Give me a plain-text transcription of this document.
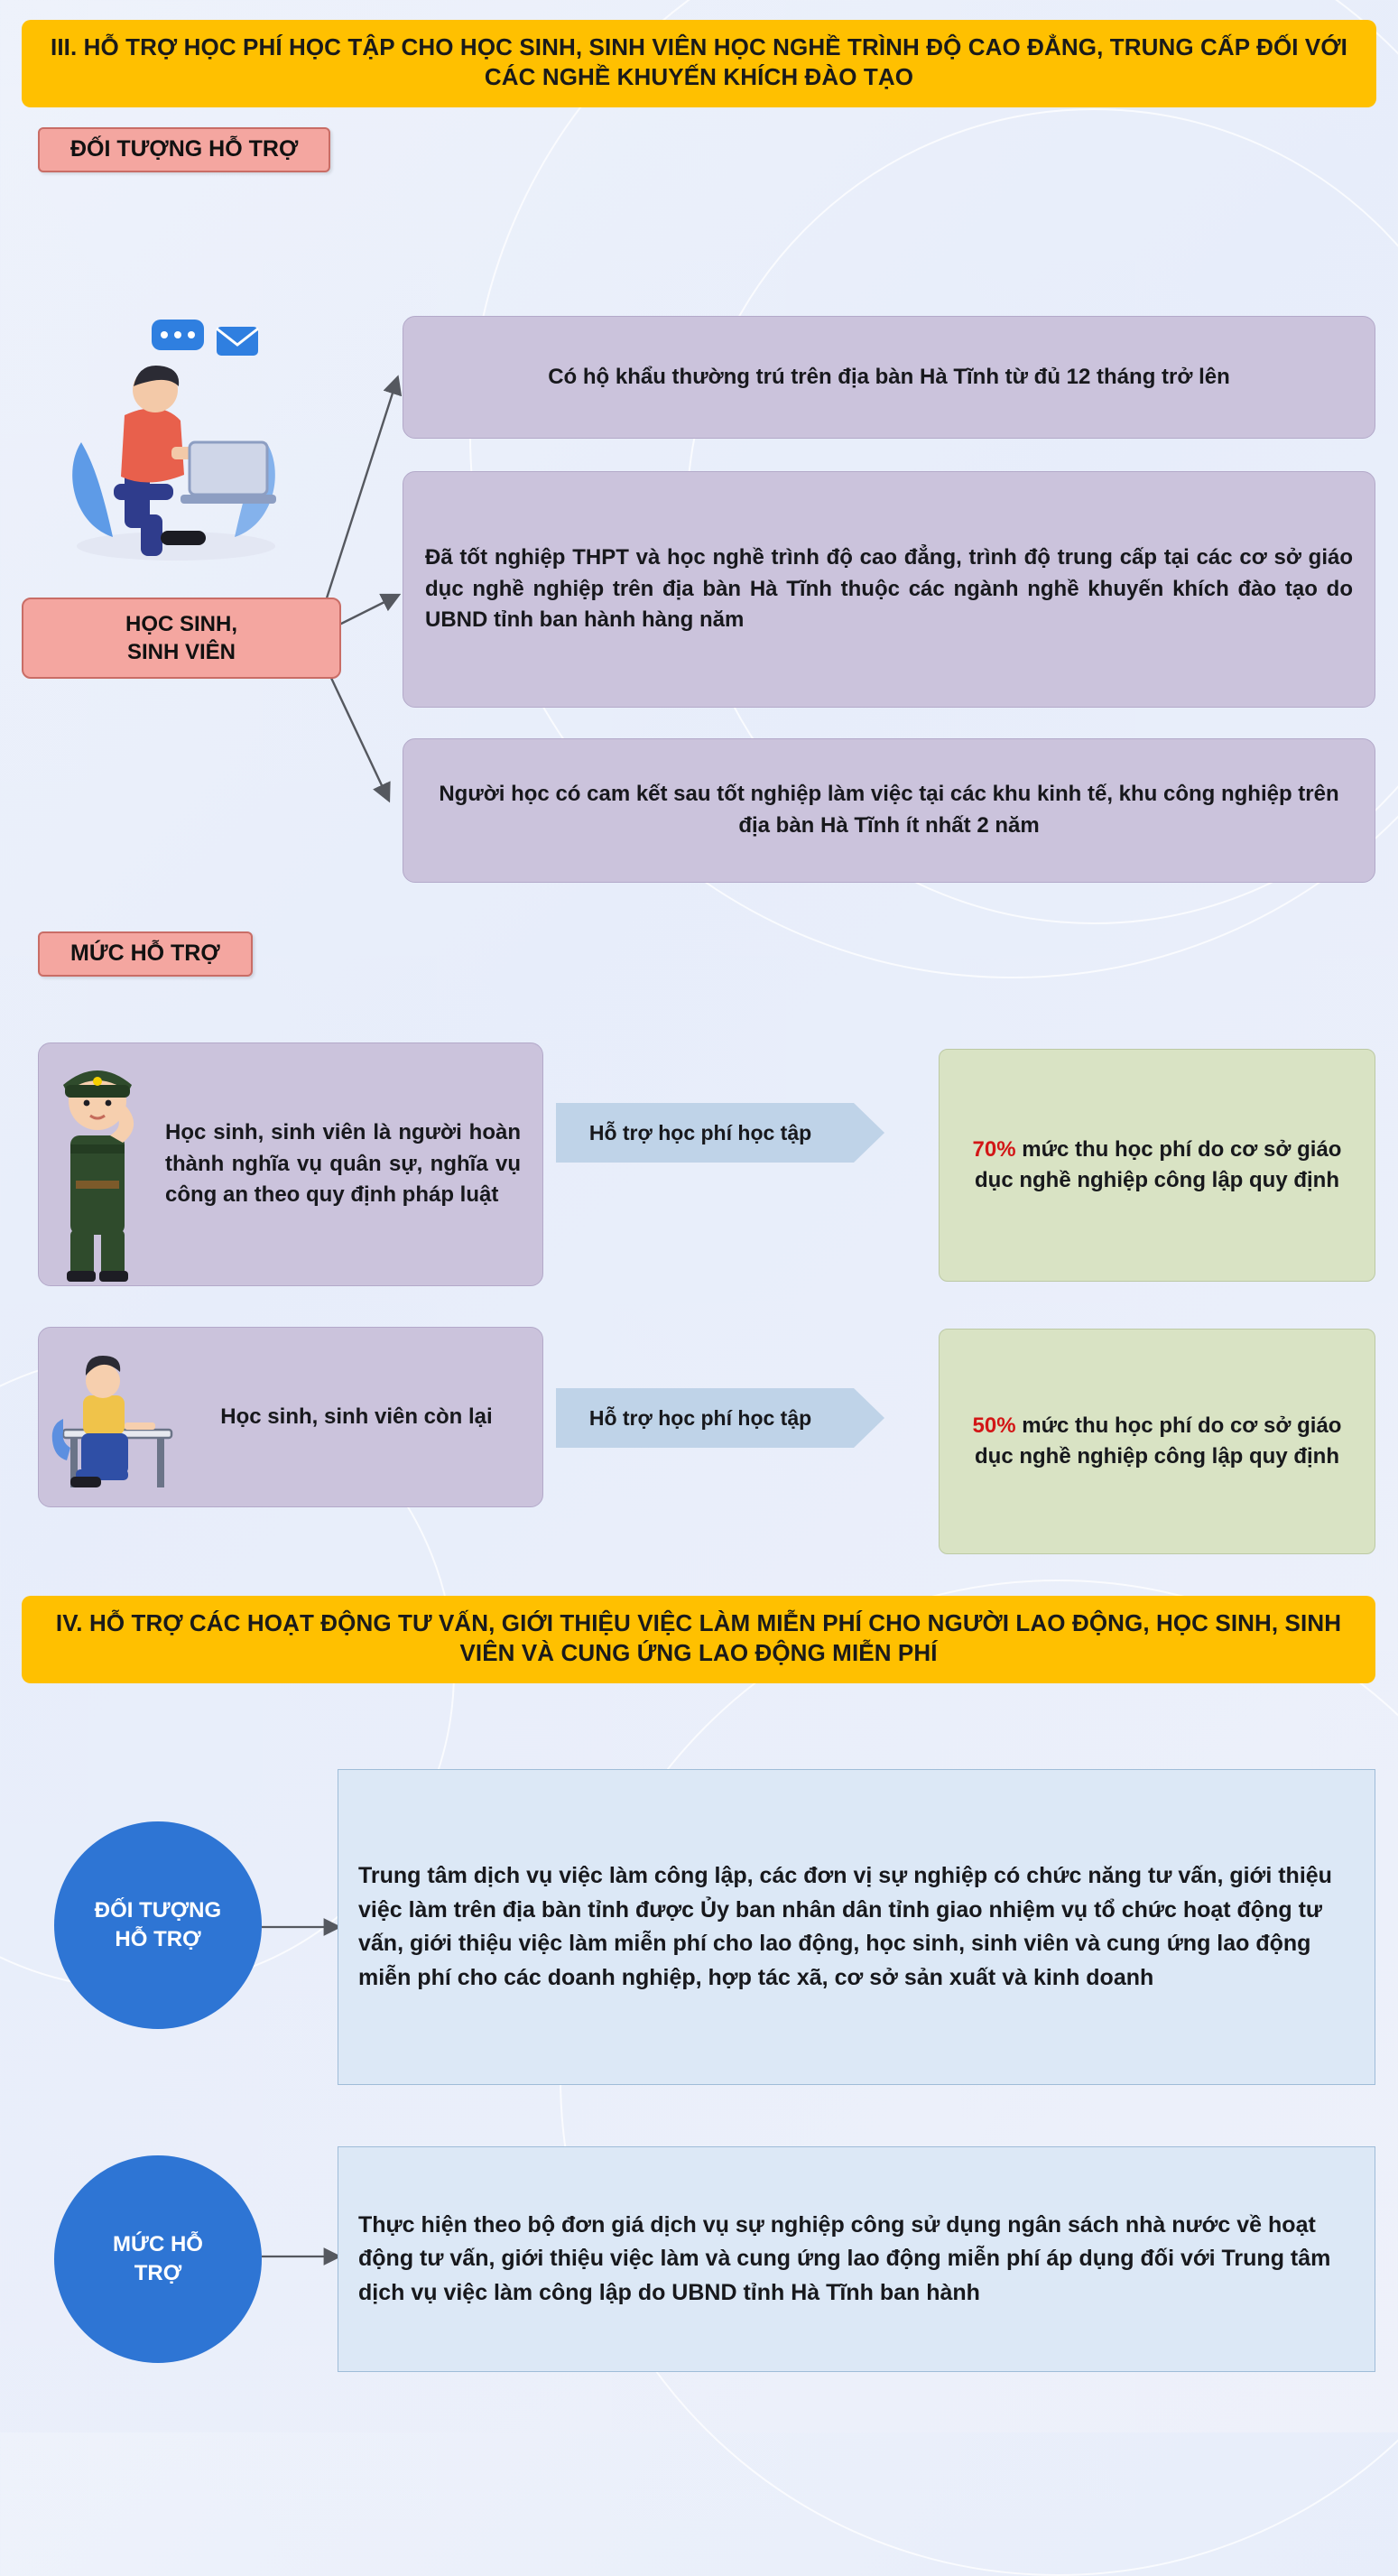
III. HỖ TRỢ HỌC PHÍ HỌC TẬP CHO HỌC SINH, SINH VIÊN HỌC NGHỀ TRÌNH ĐỘ CAO ĐẲNG, TRUNG CẤP ĐỐI VỚI CÁC NGHỀ KHUYẾN KHÍCH ĐÀO TẠO
ĐỐI TƯỢNG HỖ TRỢ
HỌC SINH,
SINH VIÊN
Có hộ khẩu thường trú trên địa bàn Hà Tĩnh từ đủ 12 tháng trở lên
Đã tốt nghiệp THPT và học nghề trình độ cao đẳng, trình độ trung cấp tại các cơ sở giáo dục nghề nghiệp trên địa bàn Hà Tĩnh thuộc các ngành nghề khuyến khích đào tạo do UBND tỉnh ban hành hàng năm
Người học có cam kết sau tốt nghiệp làm việc tại các khu kinh tế, khu công nghiệp trên địa bàn Hà Tĩnh ít nhất 2 năm
MỨC HỖ TRỢ
Học sinh, sinh viên là người hoàn thành nghĩa vụ quân sự, nghĩa vụ công an theo quy định pháp luật
Hỗ trợ học phí học tập
70% mức thu học phí do cơ sở giáo dục nghề nghiệp công lập quy định
Học sinh, sinh viên còn lại	Hỗ trợ học phí học tập	50% mức thu học phí do cơ sở giáo dục nghề nghiệp công lập quy định
IV. HỖ TRỢ CÁC HOẠT ĐỘNG TƯ VẤN, GIỚI THIỆU VIỆC LÀM MIỄN PHÍ CHO NGƯỜI LAO ĐỘNG, HỌC SINH, SINH VIÊN VÀ CUNG ỨNG LAO ĐỘNG MIỄN PHÍ
ĐỐI TƯỢNG HỖ TRỢ
Trung tâm dịch vụ việc làm công lập, các đơn vị sự nghiệp có chức năng tư vấn, giới thiệu việc làm trên địa bàn tỉnh được Ủy ban nhân dân tỉnh giao nhiệm vụ tổ chức hoạt động tư vấn, giới thiệu việc làm miễn phí cho lao động, học sinh, sinh viên và cung ứng lao động miễn phí cho các doanh nghiệp, hợp tác xã, cơ sở sản xuất và kinh doanh
MỨC HỖ TRỢ
Thực hiện theo bộ đơn giá dịch vụ sự nghiệp công sử dụng ngân sách nhà nước về hoạt động tư vấn, giới thiệu việc làm và cung ứng lao động miễn phí áp dụng đối với Trung tâm dịch vụ việc làm công lập do UBND tỉnh Hà Tĩnh ban hành
